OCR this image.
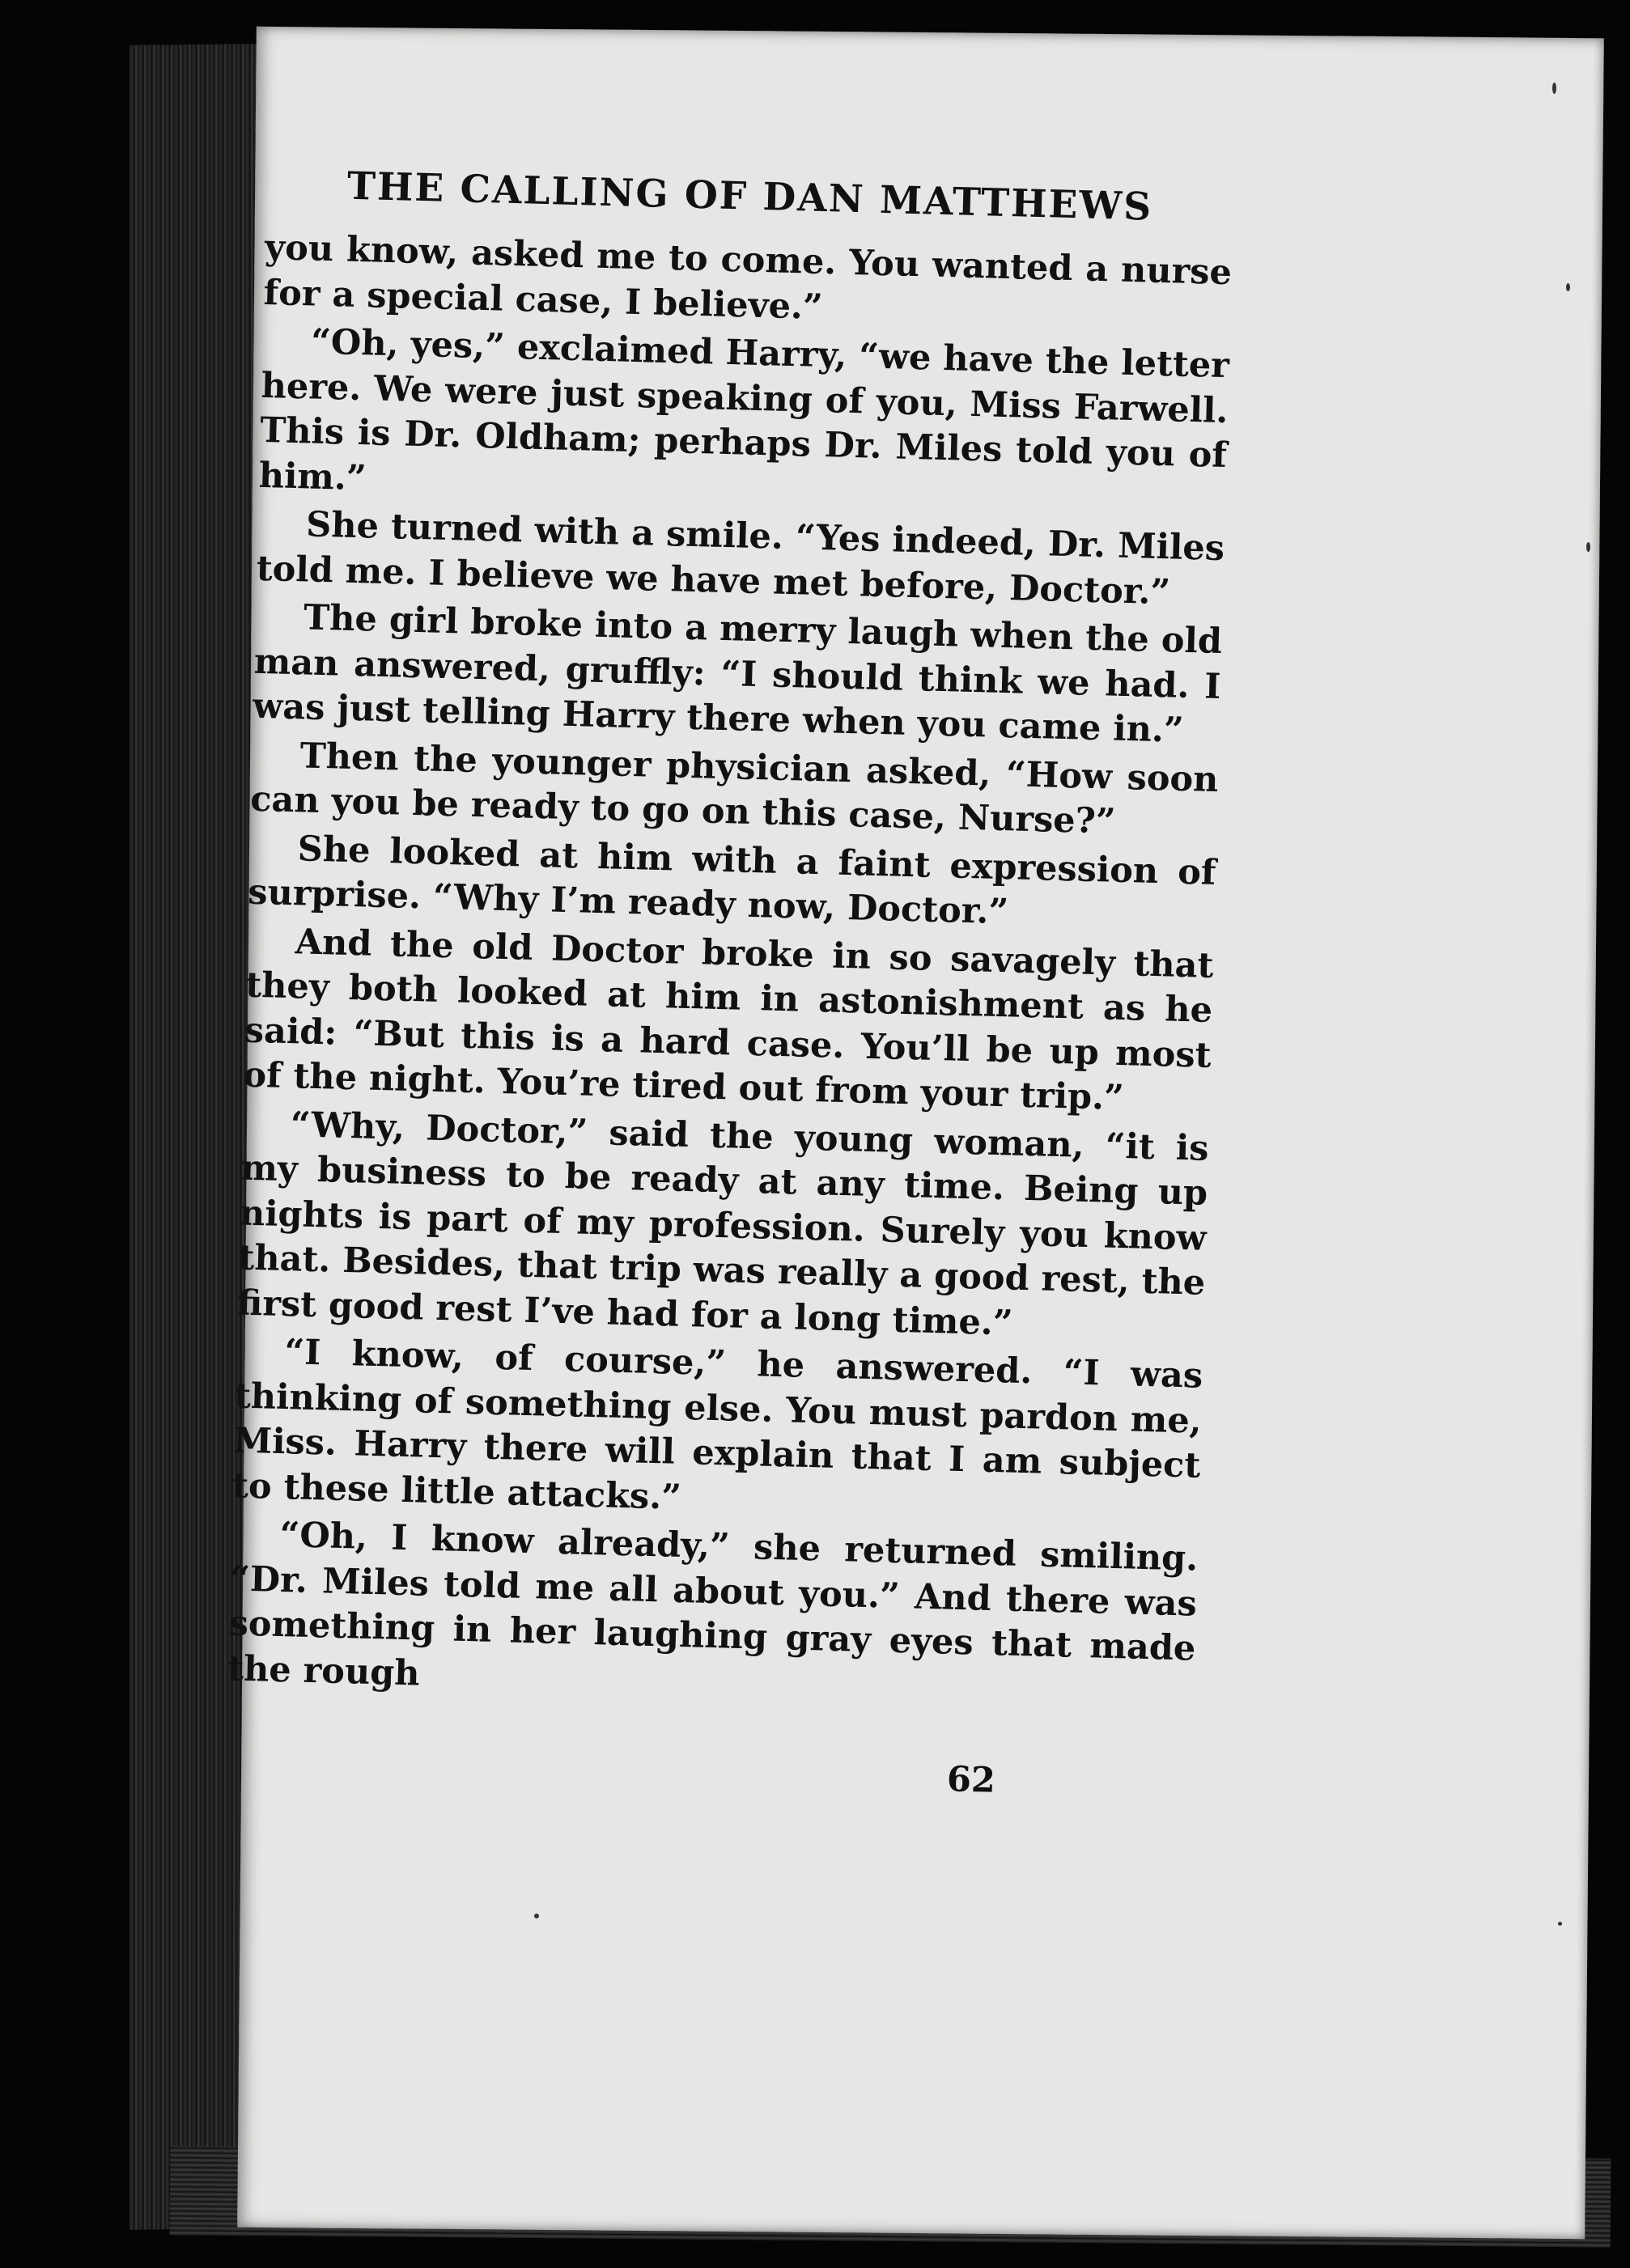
THE CALLING OF DAN MATTHEWS

you know, asked me to come. You wanted a nurse for a special case, I believe.”

“Oh, yes,” exclaimed Harry, “we have the letter here. We were just speaking of you, Miss Farwell. This is Dr. Oldham; perhaps Dr. Miles told you of him.”

She turned with a smile. “Yes indeed, Dr. Miles told me. I believe we have met before, Doctor.”

The girl broke into a merry laugh when the old man answered, gruffly: “I should think we had. I was just telling Harry there when you came in.”

Then the younger physician asked, “How soon can you be ready to go on this case, Nurse?”

She looked at him with a faint expression of surprise. “Why I’m ready now, Doctor.”

And the old Doctor broke in so savagely that they both looked at him in astonishment as he said: “But this is a hard case. You’ll be up most of the night. You’re tired out from your trip.”

“Why, Doctor,” said the young woman, “it is my business to be ready at any time. Being up nights is part of my profession. Surely you know that. Besides, that trip was really a good rest, the first good rest I’ve had for a long time.”

“I know, of course,” he answered. “I was thinking of something else. You must pardon me, Miss. Harry there will explain that I am subject to these little attacks.”

“Oh, I know already,” she returned smiling. “Dr. Miles told me all about you.” And there was something in her laughing gray eyes that made the rough

62
